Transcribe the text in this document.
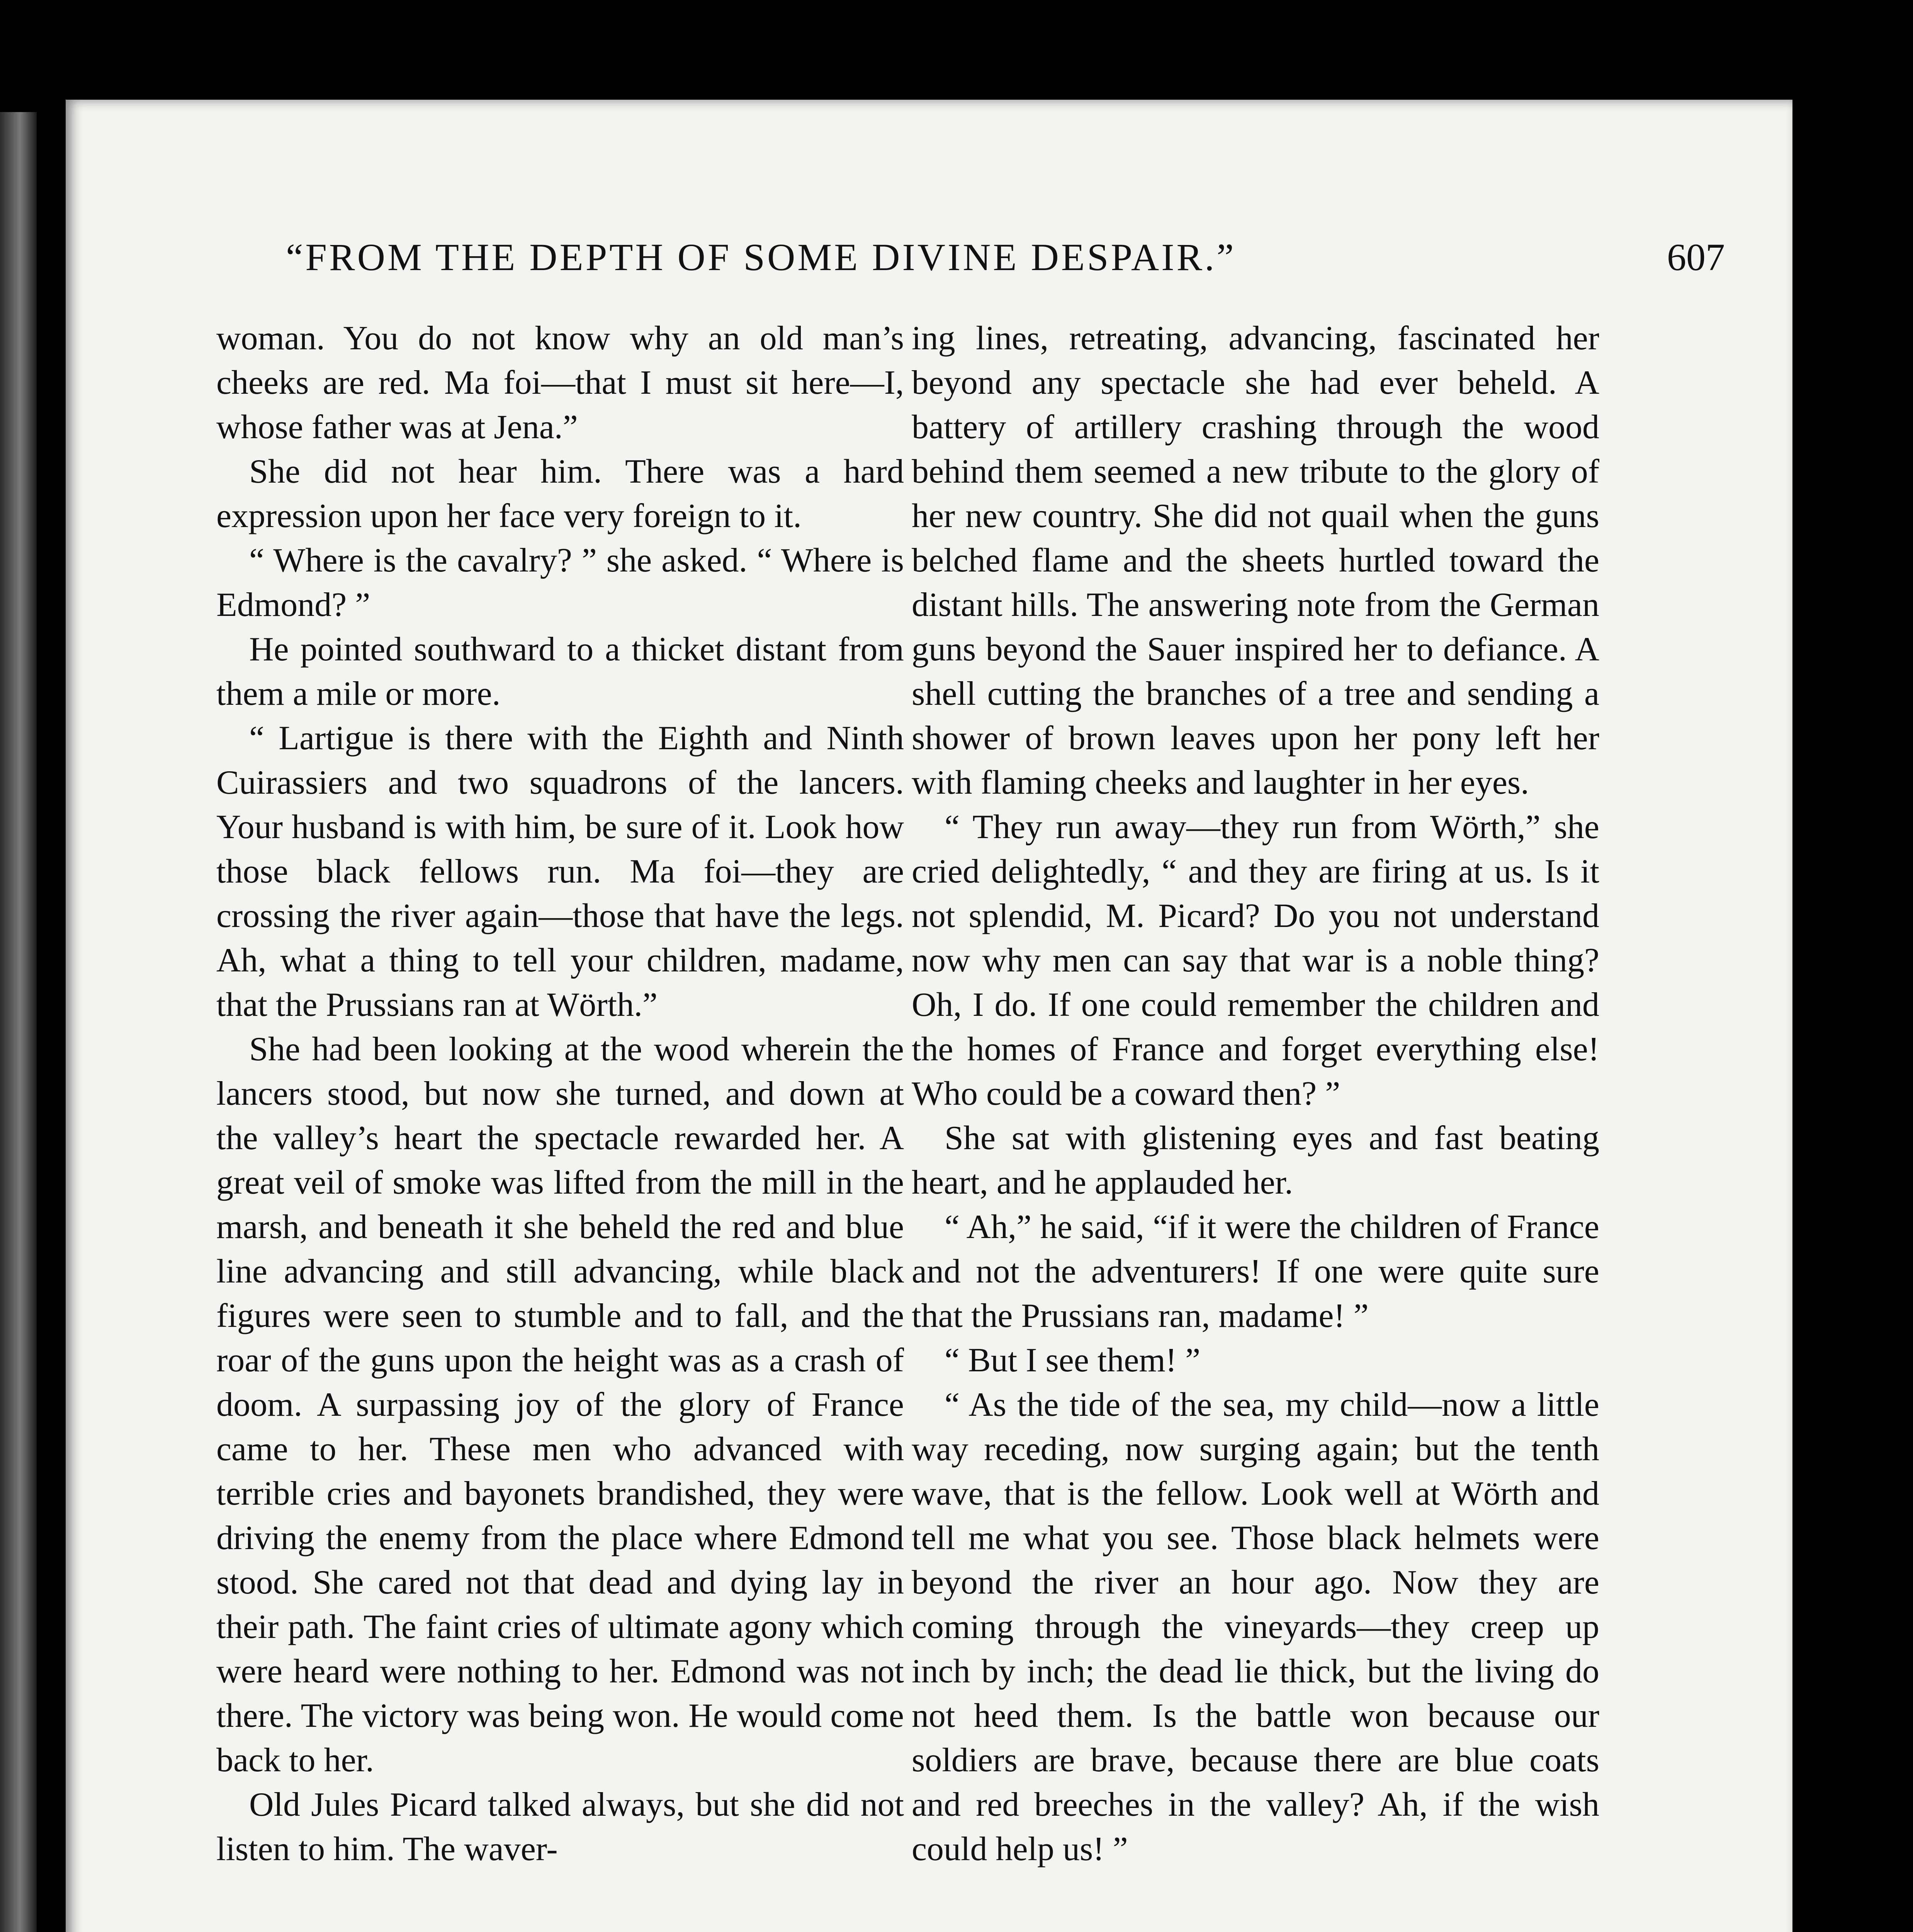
“FROM THE DEPTH OF SOME DIVINE DESPAIR.”	607

woman. You do not know why an old man’s cheeks are red. Ma foi—that I must sit here—I, whose father was at Jena.”

She did not hear him. There was a hard expression upon her face very foreign to it.

“ Where is the cavalry? ” she asked. “ Where is Edmond? ”

He pointed southward to a thicket distant from them a mile or more.

“ Lartigue is there with the Eighth and Ninth Cuirassiers and two squadrons of the lancers. Your husband is with him, be sure of it. Look how those black fellows run. Ma foi—they are crossing the river again—those that have the legs. Ah, what a thing to tell your children, madame, that the Prussians ran at Wörth.”

She had been looking at the wood wherein the lancers stood, but now she turned, and down at the valley’s heart the spectacle rewarded her. A great veil of smoke was lifted from the mill in the marsh, and beneath it she beheld the red and blue line advancing and still advancing, while black figures were seen to stumble and to fall, and the roar of the guns upon the height was as a crash of doom. A surpassing joy of the glory of France came to her. These men who advanced with terrible cries and bayonets brandished, they were driving the enemy from the place where Edmond stood. She cared not that dead and dying lay in their path. The faint cries of ultimate agony which were heard were nothing to her. Edmond was not there. The victory was being won. He would come back to her.

Old Jules Picard talked always, but she did not listen to him. The waver-

ing lines, retreating, advancing, fascinated her beyond any spectacle she had ever beheld. A battery of artillery crashing through the wood behind them seemed a new tribute to the glory of her new country. She did not quail when the guns belched flame and the sheets hurtled toward the distant hills. The answering note from the German guns beyond the Sauer inspired her to defiance. A shell cutting the branches of a tree and sending a shower of brown leaves upon her pony left her with flaming cheeks and laughter in her eyes.

“ They run away—they run from Wörth,” she cried delightedly, “ and they are firing at us. Is it not splendid, M. Picard? Do you not understand now why men can say that war is a noble thing? Oh, I do. If one could remember the children and the homes of France and forget everything else! Who could be a coward then? ”

She sat with glistening eyes and fast beating heart, and he applauded her.

“ Ah,” he said, “if it were the children of France and not the adventurers! If one were quite sure that the Prussians ran, madame! ”

“ But I see them! ”

“ As the tide of the sea, my child—now a little way receding, now surging again; but the tenth wave, that is the fellow. Look well at Wörth and tell me what you see. Those black helmets were beyond the river an hour ago. Now they are coming through the vineyards—they creep up inch by inch; the dead lie thick, but the living do not heed them. Is the battle won because our soldiers are brave, because there are blue coats and red breeches in the valley? Ah, if the wish could help us! ”
